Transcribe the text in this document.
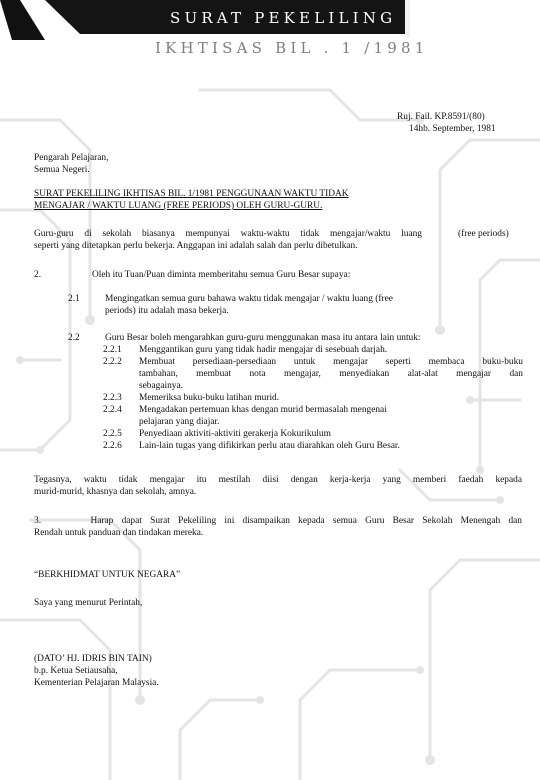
SURAT PEKELILING
IKHTISAS BIL . 1 /1981
Ruj. Fail. KP.8591/(80)
14hb. September, 1981
Pengarah Pelajaran,
Semua Negeri.
SURAT PEKELILING IKHTISAS BIL. 1/1981 PENGGUNAAN WAKTU TIDAK
MENGAJAR / WAKTU LUANG (FREE PERIODS) OLEH GURU-GURU.
Guru-guru di sekolah biasanya mempunyai waktu-waktu tidak mengajar/waktu luang	(free periods)
seperti yang ditetapkan perlu bekerja. Anggapan ini adalah salah dan perlu dibetulkan.
2.	Oleh itu Tuan/Puan diminta memberitahu semua Guru Besar supaya:
2.1	Mengingatkan semua guru bahawa waktu tidak mengajar / waktu luang (free
periods) itu adalah masa bekerja.
2.2	Guru Besar boleh mengarahkan guru-guru menggunakan masa itu antara lain untuk:
2.2.1 Menggantikan guru yang tidak hadir mengajar di sesebuah darjah.
2.2.2 Membuat persediaan-persediaan untuk mengajar seperti membaca buku-buku
tambahan, membuat nota mengajar, menyediakan alat-alat mengajar dan
sebagainya.
2.2.3 Memeriksa buku-buku latihan murid.
2.2.4 Mengadakan pertemuan khas dengan murid bermasalah mengenai
pelajaran yang diajar.
2.2.5 Penyediaan aktiviti-aktiviti gerakerja Kokurikulum
2.2.6 Lain-lain tugas yang difikirkan perlu atau diarahkan oleh Guru Besar.
Tegasnya, waktu tidak mengajar itu mestilah diisi dengan kerja-kerja yang memberi faedah kepada
murid-murid, khasnya dan sekolah, amnya.
3.      Harap dapat Surat Pekeliling ini disampaikan kepada semua Guru Besar Sekolah Menengah dan
Rendah untuk panduan dan tindakan mereka.
“BERKHIDMAT UNTUK NEGARA”
Saya yang menurut Perintah,
(DATO’ HJ. IDRIS BIN TAIN)
b.p. Ketua Setiausaha,
Kementerian Pelajaran Malaysia.
